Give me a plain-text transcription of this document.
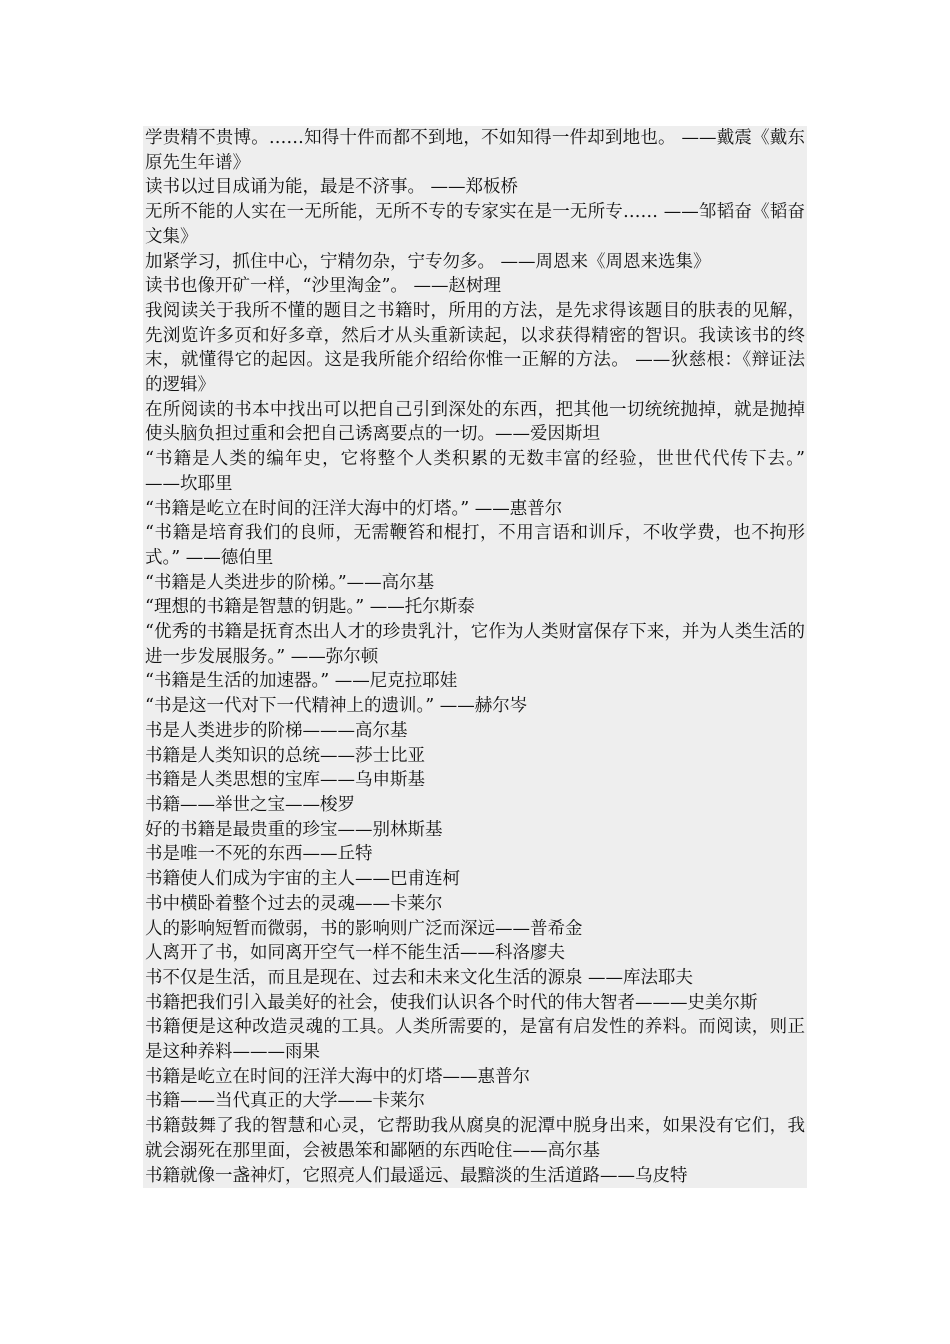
学贵精不贵博。……知得十件而都不到地，不如知得一件却到地也。 ——戴震《戴东原先生年谱》

读书以过目成诵为能，最是不济事。 ——郑板桥

无所不能的人实在一无所能，无所不专的专家实在是一无所专…… ——邹韬奋《韬奋文集》

加紧学习，抓住中心，宁精勿杂，宁专勿多。 ——周恩来《周恩来选集》

读书也像开矿一样，“沙里淘金”。 ——赵树理

我阅读关于我所不懂的题目之书籍时，所用的方法，是先求得该题目的肤表的见解，先浏览许多页和好多章，然后才从头重新读起，以求获得精密的智识。我读该书的终末，就懂得它的起因。这是我所能介绍给你惟一正解的方法。 ——狄慈根：《辩证法的逻辑》

在所阅读的书本中找出可以把自己引到深处的东西，把其他一切统统抛掉，就是抛掉使头脑负担过重和会把自己诱离要点的一切。——爱因斯坦

“书籍是人类的编年史，它将整个人类积累的无数丰富的经验，世世代代传下去。” ——坎耶里

“书籍是屹立在时间的汪洋大海中的灯塔。” ——惠普尔

“书籍是培育我们的良师，无需鞭笞和棍打，不用言语和训斥，不收学费，也不拘形式。” ——德伯里

“书籍是人类进步的阶梯。”——高尔基

“理想的书籍是智慧的钥匙。” ——托尔斯泰

“优秀的书籍是抚育杰出人才的珍贵乳汁，它作为人类财富保存下来，并为人类生活的进一步发展服务。” ——弥尔顿

“书籍是生活的加速器。” ——尼克拉耶娃

“书是这一代对下一代精神上的遗训。” ——赫尔岑

书是人类进步的阶梯———高尔基

书籍是人类知识的总统——莎士比亚

书籍是人类思想的宝库——乌申斯基

书籍——举世之宝——梭罗

好的书籍是最贵重的珍宝——别林斯基

书是唯一不死的东西——丘特

书籍使人们成为宇宙的主人——巴甫连柯

书中横卧着整个过去的灵魂——卡莱尔

人的影响短暂而微弱，书的影响则广泛而深远——普希金

人离开了书，如同离开空气一样不能生活——科洛廖夫

书不仅是生活，而且是现在、过去和未来文化生活的源泉 ——库法耶夫

书籍把我们引入最美好的社会，使我们认识各个时代的伟大智者———史美尔斯

书籍便是这种改造灵魂的工具。人类所需要的，是富有启发性的养料。而阅读，则正是这种养料———雨果

书籍是屹立在时间的汪洋大海中的灯塔——惠普尔

书籍——当代真正的大学——卡莱尔

书籍鼓舞了我的智慧和心灵，它帮助我从腐臭的泥潭中脱身出来，如果没有它们，我就会溺死在那里面，会被愚笨和鄙陋的东西呛住——高尔基

书籍就像一盏神灯，它照亮人们最遥远、最黯淡的生活道路——乌皮特
